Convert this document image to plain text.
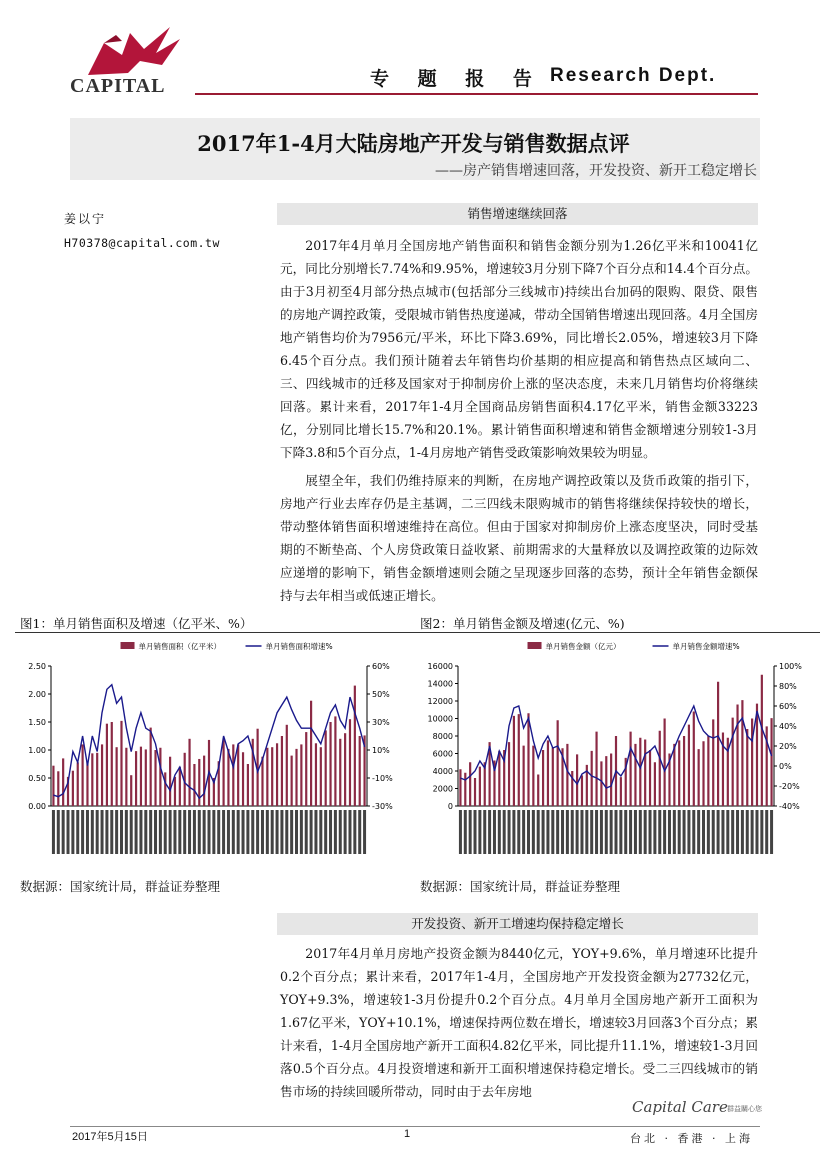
CAPITAL	专 题 报 告 Research Dept.
2017年1-4月大陆房地产开发与销售数据点评
——房产销售增速回落，开发投资、新开工稳定增长
姜以宁
H70378@capital.com.tw
销售增速继续回落
2017年4月单月全国房地产销售面积和销售金额分别为1.26亿平米和10041亿元，同比分别增长7.74%和9.95%，增速较3月分别下降7个百分点和14.4个百分点。由于3月初至4月部分热点城市(包括部分三线城市)持续出台加码的限购、限贷、限售的房地产调控政策，受限城市销售热度递减，带动全国销售增速出现回落。4月全国房地产销售均价为7956元/平米，环比下降3.69%，同比增长2.05%，增速较3月下降6.45个百分点。我们预计随着去年销售均价基期的相应提高和销售热点区域向二、三、四线城市的迁移及国家对于抑制房价上涨的坚决态度，未来几月销售均价将继续回落。累计来看，2017年1-4月全国商品房销售面积4.17亿平米，销售金额33223亿，分别同比增长15.7%和20.1%。累计销售面积增速和销售金额增速分别较1-3月下降3.8和5个百分点，1-4月房地产销售受政策影响效果较为明显。
展望全年，我们仍维持原来的判断，在房地产调控政策以及货币政策的指引下，房地产行业去库存仍是主基调，二三四线未限购城市的销售将继续保持较快的增长，带动整体销售面积增速维持在高位。但由于国家对抑制房价上涨态度坚决，同时受基期的不断垫高、个人房贷政策日益收紧、前期需求的大量释放以及调控政策的边际效应递增的影响下，销售金额增速则会随之呈现逐步回落的态势，预计全年销售金额保持与去年相当或低速正增长。
图1：单月销售面积及增速（亿平米、%）	图2：单月销售金额及增速(亿元、%)
0.00
0.50
1.00
1.50
2.00
2.50
-30%
-10%
10%
30%
50%
60%
单月销售面积（亿平米）	单月销售面积增速%
0
2000
4000
6000
8000
10000
12000
14000
16000
-40%
-20%
0%
20%
40%
60%
80%
100%
单月销售金额（亿元）	单月销售金额增速%
数据源：国家统计局，群益证券整理	数据源：国家统计局，群益证券整理
开发投资、新开工增速均保持稳定增长
2017年4月单月房地产投资金额为8440亿元，YOY+9.6%，单月增速环比提升0.2个百分点；累计来看，2017年1-4月，全国房地产开发投资金额为27732亿元，YOY+9.3%，增速较1-3月份提升0.2个百分点。4月单月全国房地产新开工面积为1.67亿平米，YOY+10.1%，增速保持两位数在增长，增速较3月回落3个百分点；累计来看，1-4月全国房地产新开工面积4.82亿平米，同比提升11.1%，增速较1-3月回落0.5个百分点。4月投资增速和新开工面积增速保持稳定增长。受二三四线城市的销售市场的持续回暖所带动，同时由于去年房地
Capital Care 群益關心您
2017年5月15日	1	台北 · 香港 · 上海
